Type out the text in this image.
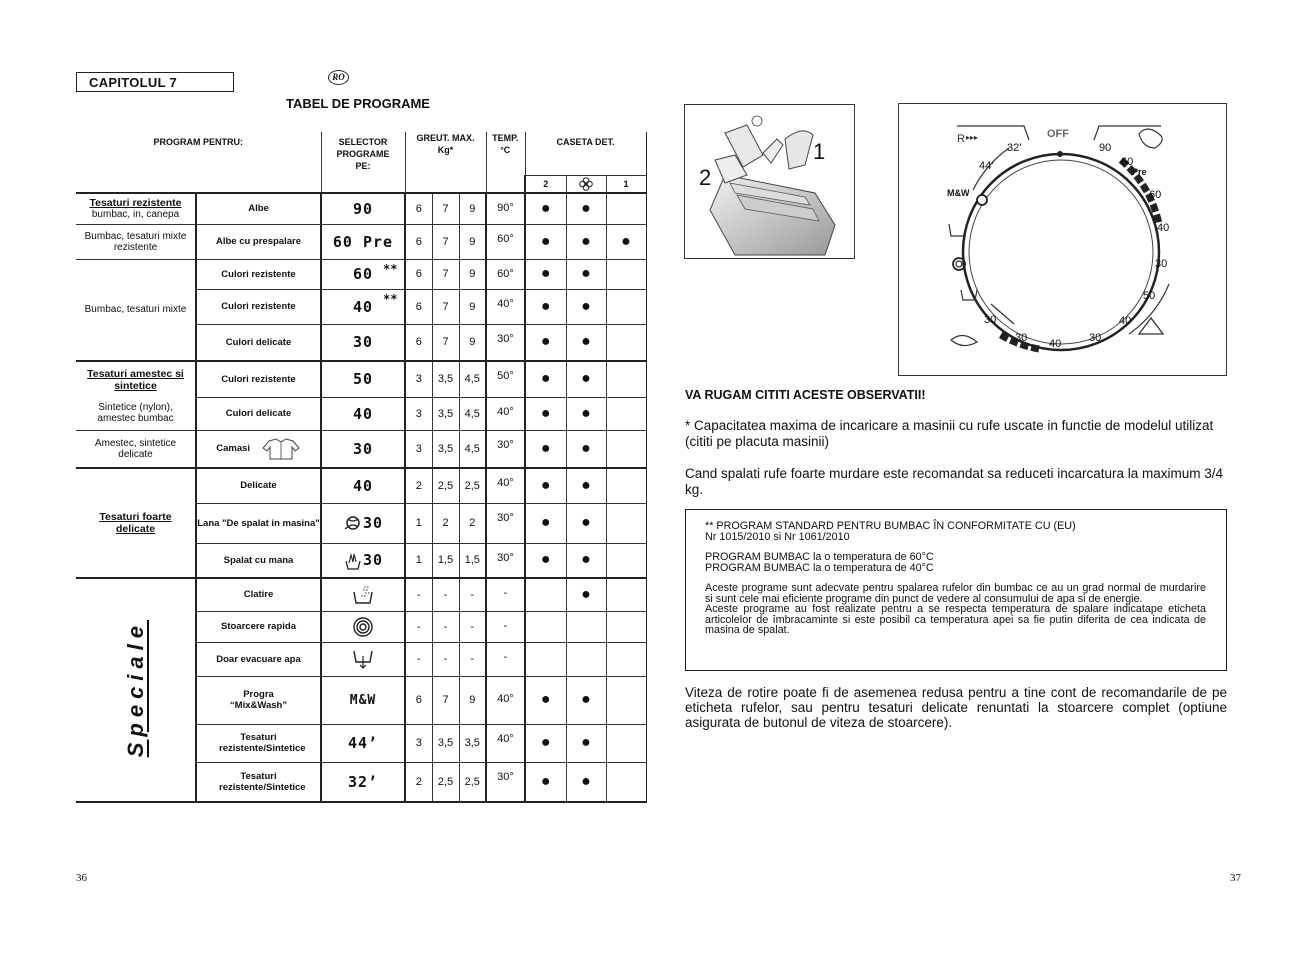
CAPITOLUL 7	RO
TABEL DE PROGRAME
PROGRAM PENTRU:		SELECTOR PROGRAME PE:	GREUT. MAX. Kg*			TEMP. °C	CASETA DET.		
							2		1

Tesaturi rezistente
bumbac, in, canepa	Albe	90	6	7	9	90°	●	●	
Bumbac, tesaturi mixte rezistente	Albe cu prespalare	60 Pre	6	7	9	60°	●	●	●
Bumbac, tesaturi mixte	Culori rezistente	60 **	6	7	9	60°	●	●	
	Culori rezistente	40 **	6	7	9	40°	●	●	
	Culori delicate	30	6	7	9	30°	●	●	

Tesaturi amestec si sintetice	Culori rezistente	50	3	3,5	4,5	50°	●	●	
Sintetice (nylon), amestec bumbac	Culori delicate	40	3	3,5	4,5	40°	●	●	
Amestec, sintetice delicate	Camasi	30	3	3,5	4,5	30°	●	●	

Tesaturi foarte delicate	Delicate	40	2	2,5	2,5	40°	●	●	
	Lana "De spalat in masina"	30	1	2	2	30°	●	●	
	Spalat cu mana	30	1	1,5	1,5	30°	●	●	
Speciale	Clatire		-	-	-	-		●	
	Stoarcere rapida		-	-	-	-			
	Doar evacuare apa		-	-	-	-			
	Progra “Mix&Wash”	M&W	6	7	9	40°	●	●	
	Tesaturi rezistente/Sintetice	44’	3	3,5	3,5	40°	●	●	
	Tesaturi rezistente/Sintetice	32’	2	2,5	2,5	30°	●	●	
36
2
1	R ▸▸▸	OFF
90
60
Pre
60
40
30
50
40
30
40
30
30
M&W
44’
32’
VA RUGAM CITITI ACESTE OBSERVATII!
* Capacitatea maxima de incaricare a masinii cu rufe uscate in functie de modelul utilizat (cititi pe placuta masinii)
Cand spalati rufe foarte murdare este recomandat sa reduceti incarcatura la maximum 3/4 kg.

** PROGRAM STANDARD PENTRU BUMBAC ÎN CONFORMITATE CU (EU)

Nr 1015/2010 si Nr 1061/2010

PROGRAM BUMBAC la o temperatura de 60°C

PROGRAM BUMBAC la o temperatura de 40°C

Aceste programe sunt adecvate pentru spalarea rufelor din bumbac ce au un grad normal de murdarire si sunt cele mai eficiente programe din punct de vedere al consumului de apa si de energie.

Aceste programe au fost realizate pentru a se respecta temperatura de spalare indicatape eticheta articolelor de îmbracaminte si este posibil ca temperatura apei sa fie putin diferita de cea indicata de masina de spalat.

Viteza de rotire poate fi de asemenea redusa pentru a tine cont de recomandarile de pe eticheta rufelor, sau pentru tesaturi delicate renuntati la stoarcere complet (optiune asigurata de butonul de viteza de stoarcere).
37
